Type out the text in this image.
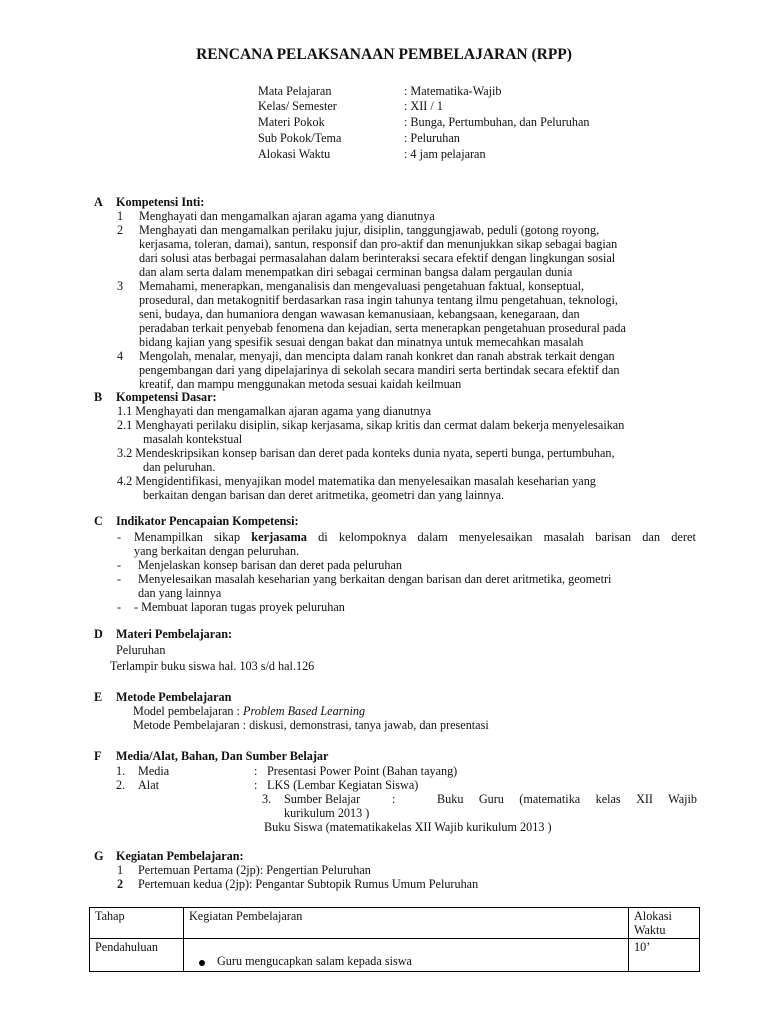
RENCANA PELAKSANAAN PEMBELAJARAN (RPP)
Mata Pelajaran	: Matematika-Wajib
Kelas/ Semester	: XII / 1
Materi Pokok	: Bunga, Pertumbuhan, dan Peluruhan
Sub Pokok/Tema	: Peluruhan
Alokasi Waktu	: 4 jam pelajaran
A Kompetensi Inti:
1 Menghayati dan mengamalkan ajaran agama yang dianutnya
2 Menghayati dan mengamalkan perilaku jujur, disiplin, tanggungjawab, peduli (gotong royong,
kerjasama, toleran, damai), santun, responsif dan pro-aktif dan menunjukkan sikap sebagai bagian
dari solusi atas berbagai permasalahan dalam berinteraksi secara efektif dengan lingkungan sosial
dan alam serta dalam menempatkan diri sebagai cerminan bangsa dalam pergaulan dunia
3 Memahami, menerapkan, menganalisis dan mengevaluasi pengetahuan faktual, konseptual,
prosedural, dan metakognitif berdasarkan rasa ingin tahunya tentang ilmu pengetahuan, teknologi,
seni, budaya, dan humaniora dengan wawasan kemanusiaan, kebangsaan, kenegaraan, dan
peradaban terkait penyebab fenomena dan kejadian, serta menerapkan pengetahuan prosedural pada
bidang kajian yang spesifik sesuai dengan bakat dan minatnya untuk memecahkan masalah
4 Mengolah, menalar, menyaji, dan mencipta dalam ranah konkret dan ranah abstrak terkait dengan
pengembangan dari yang dipelajarinya di sekolah secara mandiri serta bertindak secara efektif dan
kreatif, dan mampu menggunakan metoda sesuai kaidah keilmuan
B Kompetensi Dasar:
1.1 Menghayati dan mengamalkan ajaran agama yang dianutnya
2.1 Menghayati perilaku disiplin, sikap kerjasama, sikap kritis dan cermat dalam bekerja menyelesaikan
masalah kontekstual
3.2 Mendeskripsikan konsep barisan dan deret pada konteks dunia nyata, seperti bunga, pertumbuhan,
dan peluruhan.
4.2 Mengidentifikasi, menyajikan model matematika dan menyelesaikan masalah keseharian yang
berkaitan dengan barisan dan deret aritmetika, geometri dan yang lainnya.
C Indikator Pencapaian Kompetensi:
- Menampilkan sikap kerjasama di kelompoknya dalam menyelesaikan masalah barisan dan deret
yang berkaitan dengan peluruhan.
- Menjelaskan konsep barisan dan deret pada peluruhan
- Menyelesaikan masalah keseharian yang berkaitan dengan barisan dan deret aritmetika, geometri
dan yang lainnya
- - Membuat laporan tugas proyek peluruhan
D Materi Pembelajaran:
Peluruhan
Terlampir buku siswa hal. 103 s/d hal.126
E Metode Pembelajaran
Model pembelajaran : Problem Based Learning
Metode Pembelajaran : diskusi, demonstrasi, tanya jawab, dan presentasi
F Media/Alat, Bahan, Dan Sumber Belajar
1. Media	: Presentasi Power Point (Bahan tayang)
2. Alat	: LKS (Lembar Kegiatan Siswa)
3. Sumber Belajar	:	Buku Guru (matematika kelas XII Wajib
kurikulum 2013 )
Buku Siswa (matematikakelas XII Wajib kurikulum 2013 )
G Kegiatan Pembelajaran:
1 Pertemuan Pertama (2jp): Pengertian Peluruhan
2 Pertemuan kedua (2jp): Pengantar Subtopik Rumus Umum Peluruhan
Tahap	Kegiatan Pembelajaran	Alokasi Waktu
Pendahuluan	Guru mengucapkan salam kepada siswa	10’
